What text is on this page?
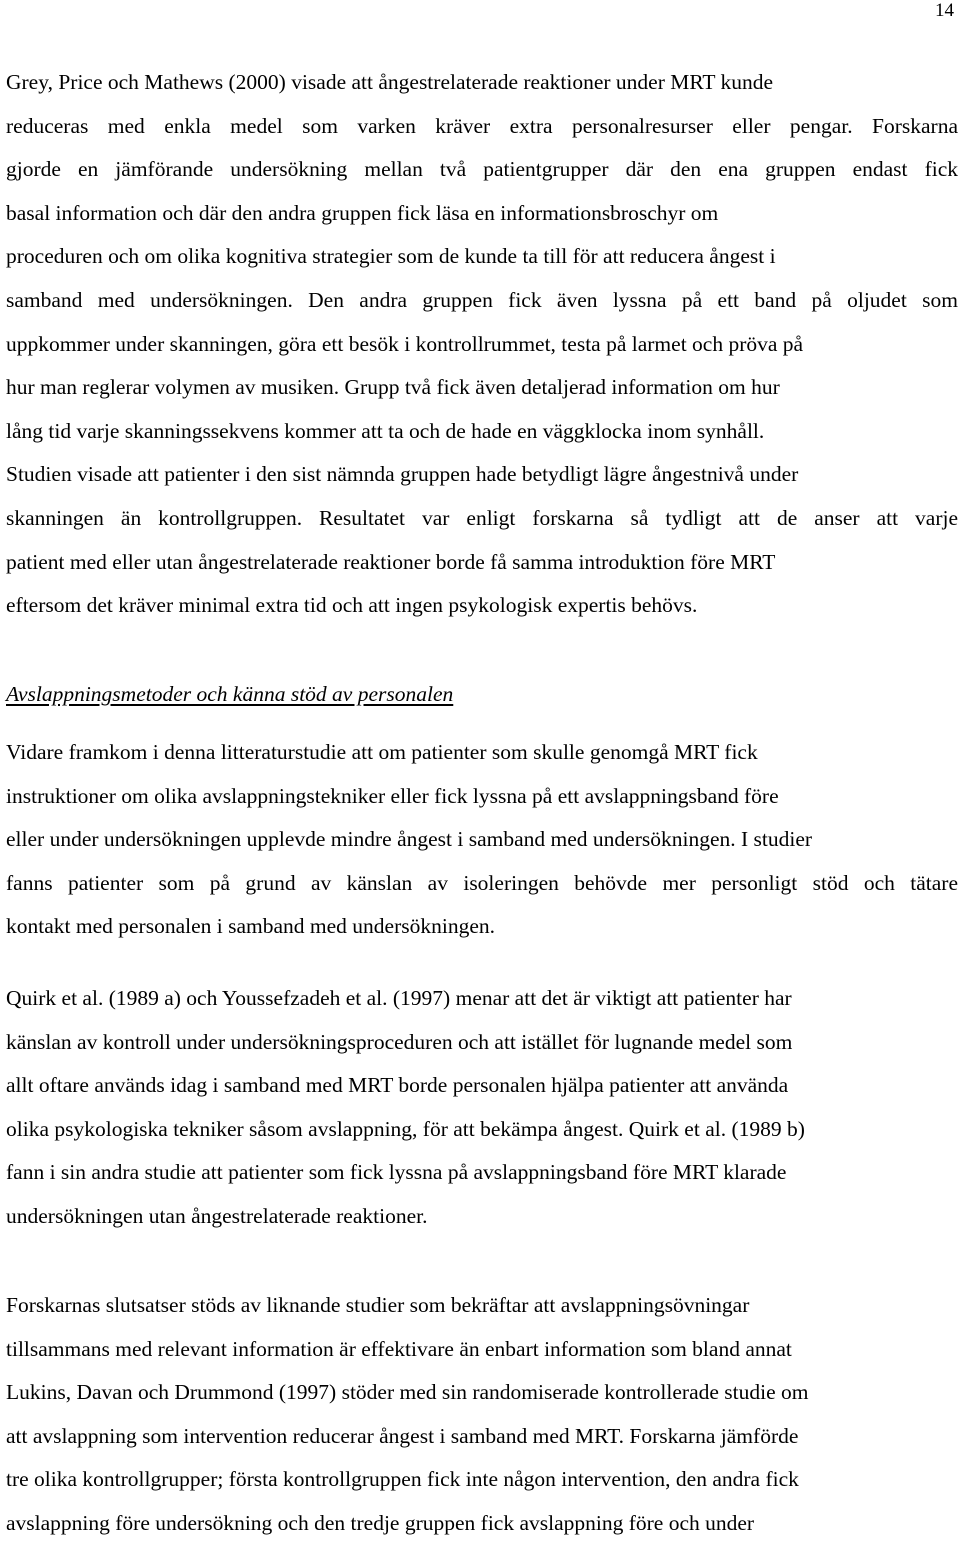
14
Grey, Price och Mathews (2000) visade att ångestrelaterade reaktioner under MRT kunde
reduceras med enkla medel som varken kräver extra personalresurser eller pengar. Forskarna
gjorde en jämförande undersökning mellan två patientgrupper där den ena gruppen endast fick
basal information och där den andra gruppen fick läsa en informationsbroschyr om
proceduren och om olika kognitiva strategier som de kunde ta till för att reducera ångest i
samband med undersökningen. Den andra gruppen fick även lyssna på ett band på oljudet som
uppkommer under skanningen, göra ett besök i kontrollrummet, testa på larmet och pröva på
hur man reglerar volymen av musiken. Grupp två fick även detaljerad information om hur
lång tid varje skanningssekvens kommer att ta och de hade en väggklocka inom synhåll.
Studien visade att patienter i den sist nämnda gruppen hade betydligt lägre ångestnivå under
skanningen än kontrollgruppen. Resultatet var enligt forskarna så tydligt att de anser att varje
patient med eller utan ångestrelaterade reaktioner borde få samma introduktion före MRT
eftersom det kräver minimal extra tid och att ingen psykologisk expertis behövs.
Avslappningsmetoder och känna stöd av personalen
Vidare framkom i denna litteraturstudie att om patienter som skulle genomgå MRT fick
instruktioner om olika avslappningstekniker eller fick lyssna på ett avslappningsband före
eller under undersökningen upplevde mindre ångest i samband med undersökningen. I studier
fanns patienter som på grund av känslan av isoleringen behövde mer personligt stöd och tätare
kontakt med personalen i samband med undersökningen.
Quirk et al. (1989 a) och Youssefzadeh et al. (1997) menar att det är viktigt att patienter har
känslan av kontroll under undersökningsproceduren och att istället för lugnande medel som
allt oftare används idag i samband med MRT borde personalen hjälpa patienter att använda
olika psykologiska tekniker såsom avslappning, för att bekämpa ångest. Quirk et al. (1989 b)
fann i sin andra studie att patienter som fick lyssna på avslappningsband före MRT klarade
undersökningen utan ångestrelaterade reaktioner.
Forskarnas slutsatser stöds av liknande studier som bekräftar att avslappningsövningar
tillsammans med relevant information är effektivare än enbart information som bland annat
Lukins, Davan och Drummond (1997) stöder med sin randomiserade kontrollerade studie om
att avslappning som intervention reducerar ångest i samband med MRT. Forskarna jämförde
tre olika kontrollgrupper; första kontrollgruppen fick inte någon intervention, den andra fick
avslappning före undersökning och den tredje gruppen fick avslappning före och under
